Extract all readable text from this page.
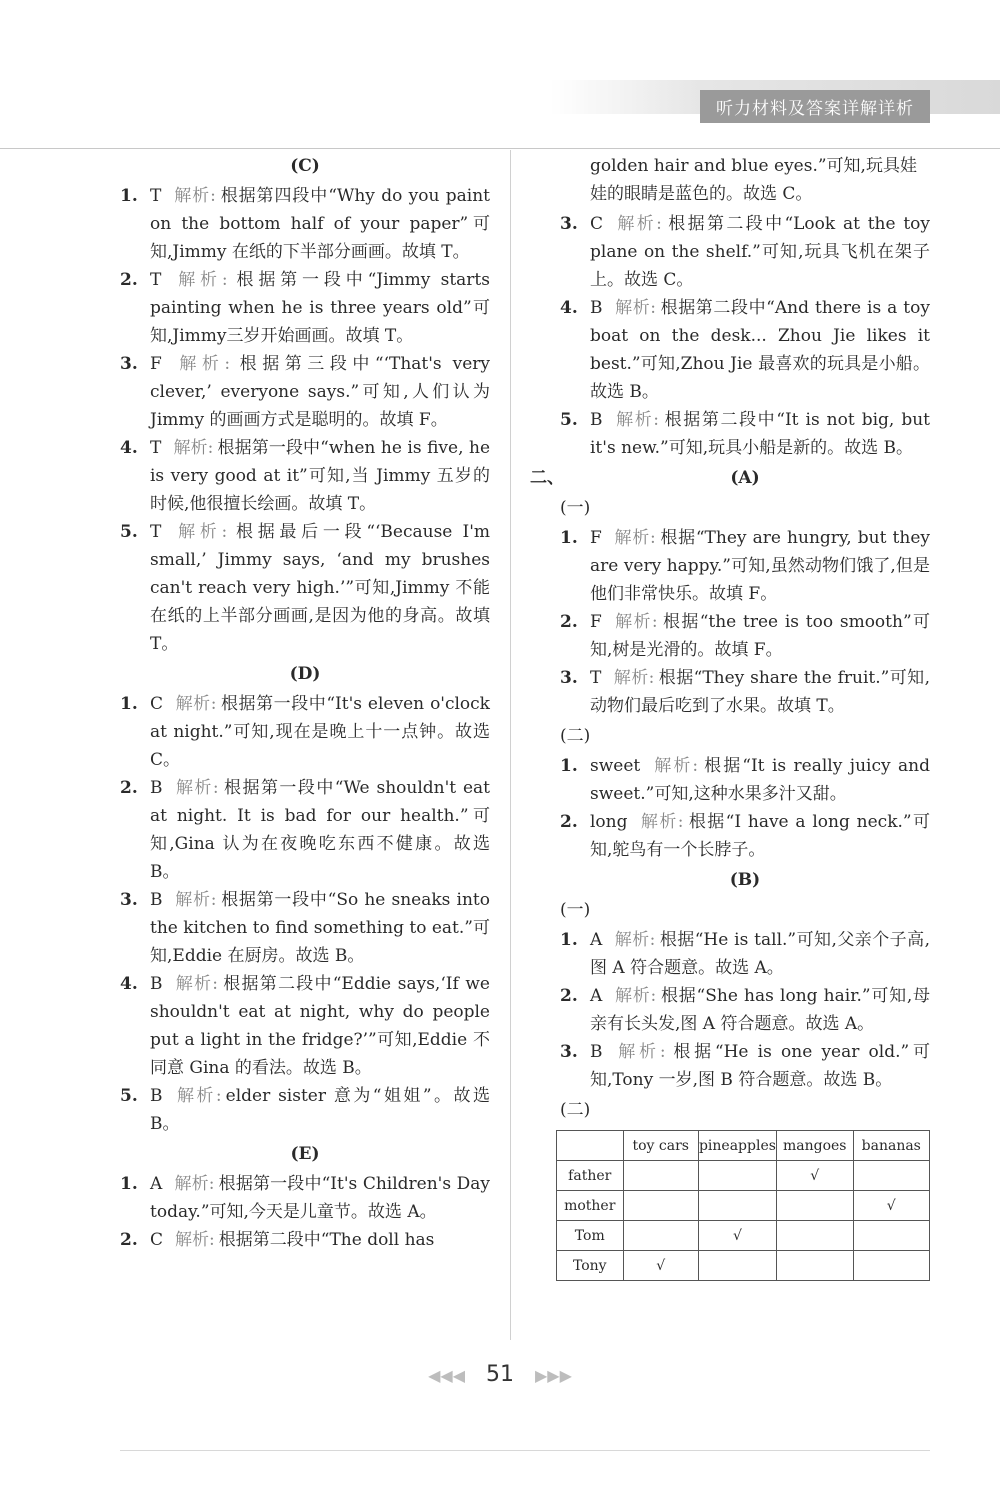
听力材料及答案详解详析
(C)
1. T 解析: 根据第四段中“Why do you paint on the bottom half of your paper”可知,Jimmy 在纸的下半部分画画。故填 T。
2. T 解析: 根据第一段中“Jimmy starts painting when he is three years old”可知,Jimmy三岁开始画画。故填 T。
3. F 解析: 根据第三段中“‘That's very clever,’ everyone says.”可知,人们认为 Jimmy 的画画方式是聪明的。故填 F。
4. T 解析: 根据第一段中“when he is five, he is very good at it”可知,当 Jimmy 五岁的时候,他很擅长绘画。故填 T。
5. T 解析: 根据最后一段“‘Because I'm small,’ Jimmy says, ‘and my brushes can't reach very high.’”可知,Jimmy 不能在纸的上半部分画画,是因为他的身高。故填 T。
(D)
1. C 解析: 根据第一段中“It's eleven o'clock at night.”可知,现在是晚上十一点钟。故选 C。
2. B 解析: 根据第一段中“We shouldn't eat at night. It is bad for our health.”可知,Gina 认为在夜晚吃东西不健康。故选 B。
3. B 解析: 根据第一段中“So he sneaks into the kitchen to find something to eat.”可知,Eddie 在厨房。故选 B。
4. B 解析: 根据第二段中“Eddie says,‘If we shouldn't eat at night, why do people put a light in the fridge?’”可知,Eddie 不同意 Gina 的看法。故选 B。
5. B 解析: elder sister 意为“姐姐”。故选 B。
(E)
1. A 解析: 根据第一段中“It's Children's Day today.”可知,今天是儿童节。故选 A。
2. C 解析: 根据第二段中“The doll has
golden hair and blue eyes.”可知,玩具娃娃的眼睛是蓝色的。故选 C。
3. C 解析: 根据第二段中“Look at the toy plane on the shelf.”可知,玩具飞机在架子上。故选 C。
4. B 解析: 根据第二段中“And there is a toy boat on the desk... Zhou Jie likes it best.”可知,Zhou Jie 最喜欢的玩具是小船。故选 B。
5. B 解析: 根据第二段中“It is not big, but it's new.”可知,玩具小船是新的。故选 B。
二、	(A)
(一)
1. F 解析: 根据“They are hungry, but they are very happy.”可知,虽然动物们饿了,但是他们非常快乐。故填 F。
2. F 解析: 根据“the tree is too smooth”可知,树是光滑的。故填 F。
3. T 解析: 根据“They share the fruit.”可知,动物们最后吃到了水果。故填 T。
(二)
1. sweet 解析: 根据“It is really juicy and sweet.”可知,这种水果多汁又甜。
2. long 解析: 根据“I have a long neck.”可知,鸵鸟有一个长脖子。
(B)
(一)
1. A 解析: 根据“He is tall.”可知,父亲个子高,图 A 符合题意。故选 A。
2. A 解析: 根据“She has long hair.”可知,母亲有长头发,图 A 符合题意。故选 A。
3. B 解析: 根据“He is one year old.”可知,Tony 一岁,图 B 符合题意。故选 B。
(二)
	toy cars	pineapples	mangoes	bananas
father			√	
mother				√
Tom		√		
Tony	√			
◀◀◀ 51 ▶▶▶
